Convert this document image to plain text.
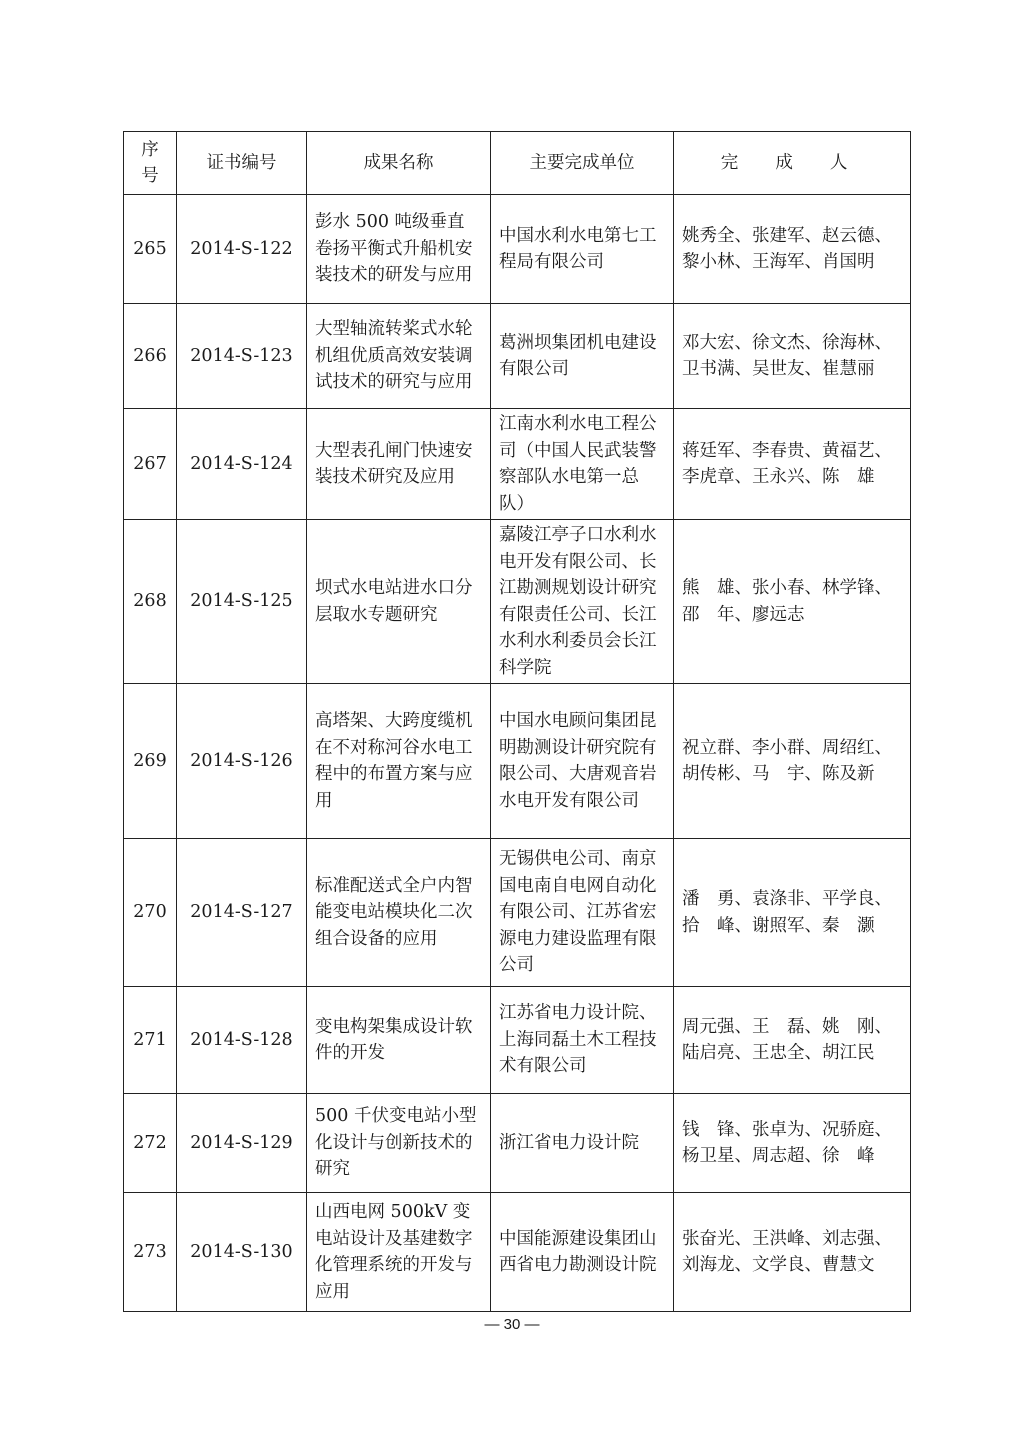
序号	证书编号	成果名称	主要完成单位	完 成 人
265	2014-S-122	彭水 500 吨级垂直卷扬平衡式升船机安装技术的研发与应用	中国水利水电第七工程局有限公司	姚秀全、张建军、赵云德、黎小林、王海军、肖国明
266	2014-S-123	大型轴流转桨式水轮机组优质高效安装调试技术的研究与应用	葛洲坝集团机电建设有限公司	邓大宏、徐文杰、徐海林、卫书满、吴世友、崔慧丽
267	2014-S-124	大型表孔闸门快速安装技术研究及应用	江南水利水电工程公司（中国人民武装警察部队水电第一总队）	蒋廷军、李春贵、黄福艺、李虎章、王永兴、陈　雄
268	2014-S-125	坝式水电站进水口分层取水专题研究	嘉陵江亭子口水利水电开发有限公司、长江勘测规划设计研究有限责任公司、长江水利水利委员会长江科学院	熊　雄、张小春、林学锋、邵　年、廖远志
269	2014-S-126	高塔架、大跨度缆机在不对称河谷水电工程中的布置方案与应用	中国水电顾问集团昆明勘测设计研究院有限公司、大唐观音岩水电开发有限公司	祝立群、李小群、周绍红、胡传彬、马　宇、陈及新
270	2014-S-127	标准配送式全户内智能变电站模块化二次组合设备的应用	无锡供电公司、南京国电南自电网自动化有限公司、江苏省宏源电力建设监理有限公司	潘　勇、袁涤非、平学良、拾　峰、谢照军、秦　灏
271	2014-S-128	变电构架集成设计软件的开发	江苏省电力设计院、上海同磊土木工程技术有限公司	周元强、王　磊、姚　刚、陆启亮、王忠全、胡江民
272	2014-S-129	500 千伏变电站小型化设计与创新技术的研究	浙江省电力设计院	钱　锋、张卓为、况骄庭、杨卫星、周志超、徐　峰
273	2014-S-130	山西电网 500kV 变电站设计及基建数字化管理系统的开发与应用	中国能源建设集团山西省电力勘测设计院	张奋光、王洪峰、刘志强、刘海龙、文学良、曹慧文
— 30 —
